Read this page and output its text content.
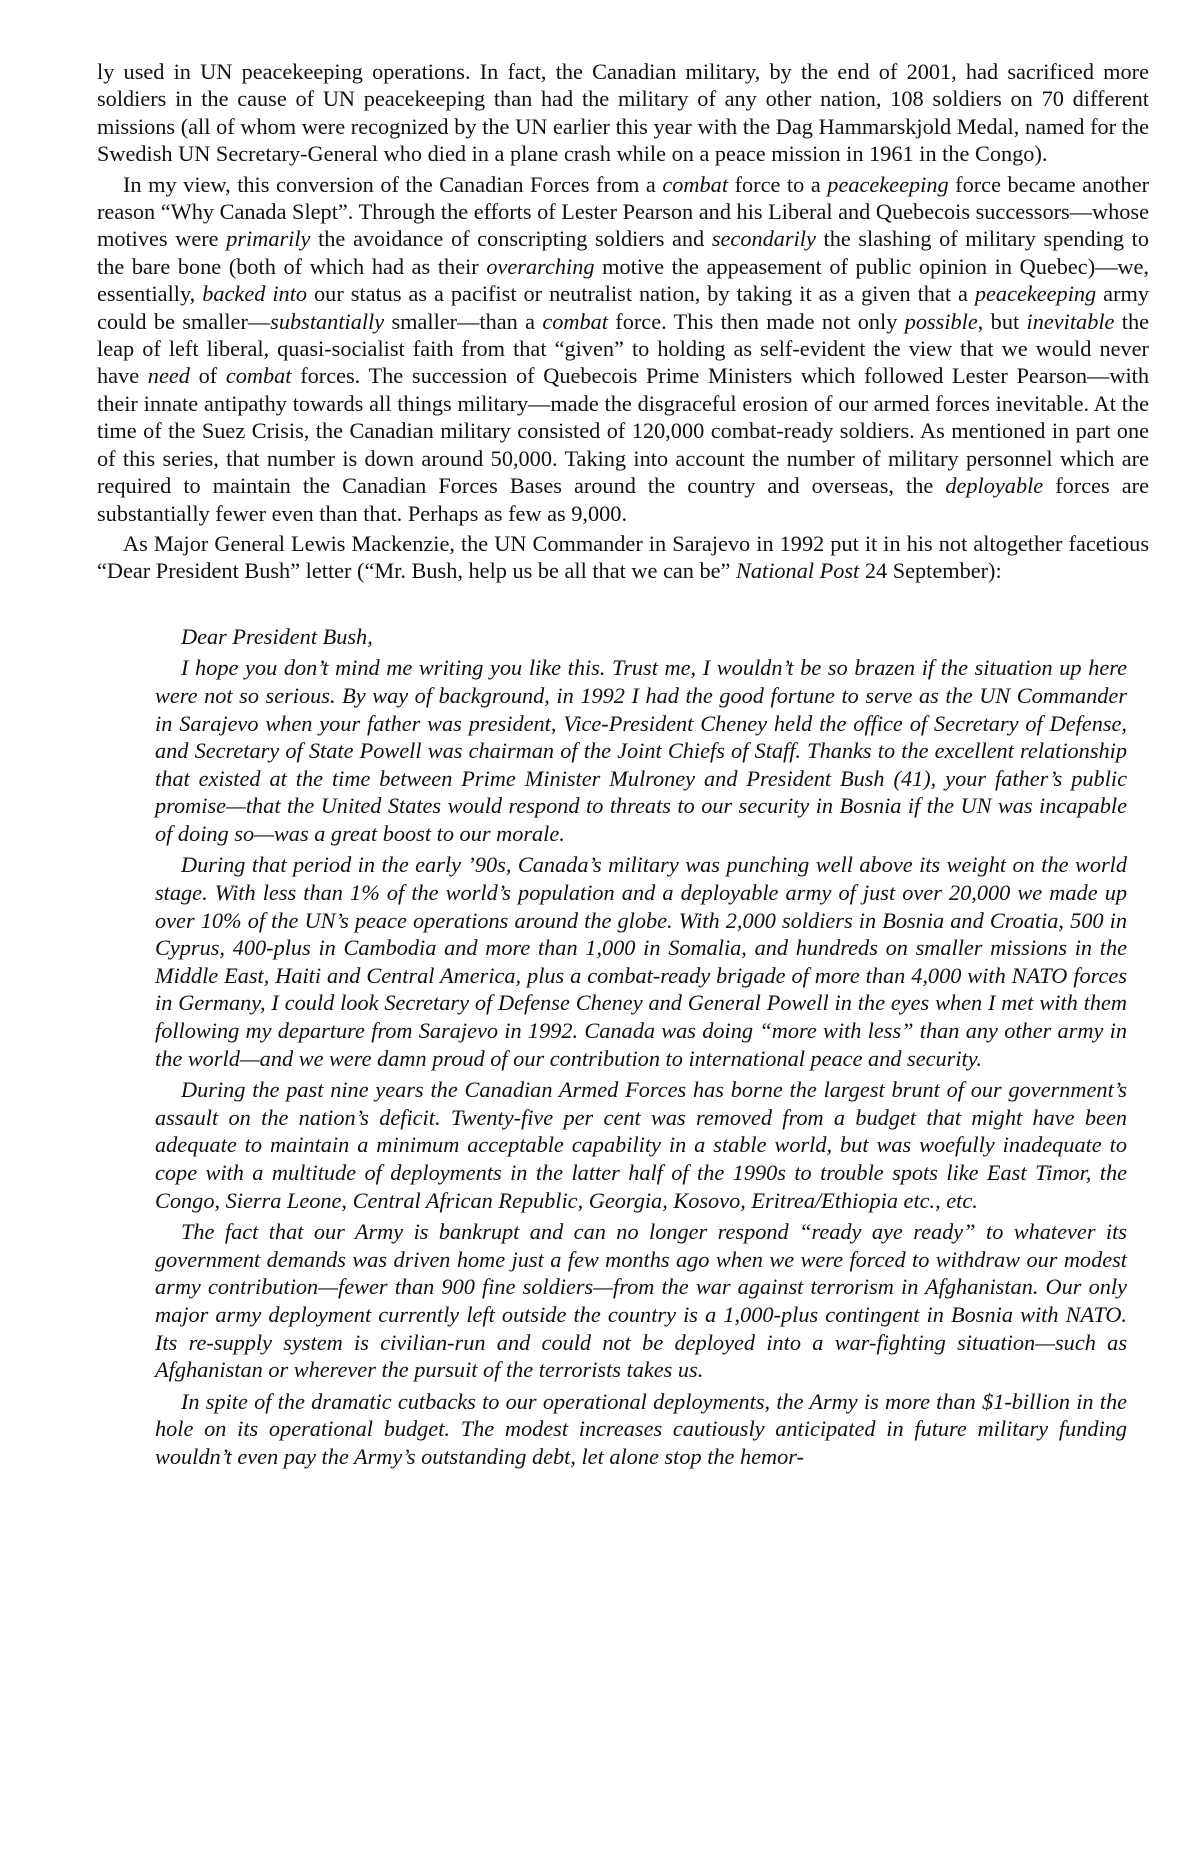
ly used in UN peacekeeping operations. In fact, the Canadian military, by the end of 2001, had sacrificed more soldiers in the cause of UN peacekeeping than had the military of any other nation, 108 soldiers on 70 different missions (all of whom were recognized by the UN earlier this year with the Dag Hammarskjold Medal, named for the Swedish UN Secretary-General who died in a plane crash while on a peace mission in 1961 in the Congo).

In my view, this conversion of the Canadian Forces from a combat force to a peacekeeping force became another reason “Why Canada Slept”. Through the efforts of Lester Pearson and his Liberal and Quebecois successors—whose motives were primarily the avoidance of conscripting soldiers and secondarily the slashing of military spending to the bare bone (both of which had as their overarching motive the appeasement of public opinion in Quebec)—we, essentially, backed into our status as a pacifist or neutralist nation, by taking it as a given that a peacekeeping army could be smaller—substantially smaller—than a combat force. This then made not only possible, but inevitable the leap of left liberal, quasi-socialist faith from that “given” to holding as self-evident the view that we would never have need of combat forces. The succession of Quebecois Prime Ministers which followed Lester Pearson—with their innate antipathy towards all things military—made the disgraceful erosion of our armed forces inevitable. At the time of the Suez Crisis, the Canadian military consisted of 120,000 combat-ready soldiers. As mentioned in part one of this series, that number is down around 50,000. Taking into account the number of military personnel which are required to maintain the Canadian Forces Bases around the country and overseas, the deployable forces are substantially fewer even than that. Perhaps as few as 9,000.

As Major General Lewis Mackenzie, the UN Commander in Sarajevo in 1992 put it in his not altogether facetious “Dear President Bush” letter (“Mr. Bush, help us be all that we can be” National Post 24 September):

Dear President Bush,

I hope you don’t mind me writing you like this. Trust me, I wouldn’t be so brazen if the situation up here were not so serious. By way of background, in 1992 I had the good fortune to serve as the UN Commander in Sarajevo when your father was president, Vice-President Cheney held the office of Secretary of Defense, and Secretary of State Powell was chairman of the Joint Chiefs of Staff. Thanks to the excellent relationship that existed at the time between Prime Minister Mulroney and President Bush (41), your father’s public promise—that the United States would respond to threats to our security in Bosnia if the UN was incapable of doing so—was a great boost to our morale.

During that period in the early ’90s, Canada’s military was punching well above its weight on the world stage. With less than 1% of the world’s population and a deployable army of just over 20,000 we made up over 10% of the UN’s peace operations around the globe. With 2,000 soldiers in Bosnia and Croatia, 500 in Cyprus, 400-plus in Cambodia and more than 1,000 in Somalia, and hundreds on smaller missions in the Middle East, Haiti and Central America, plus a combat-ready brigade of more than 4,000 with NATO forces in Germany, I could look Secretary of Defense Cheney and General Powell in the eyes when I met with them following my departure from Sarajevo in 1992. Canada was doing “more with less” than any other army in the world—and we were damn proud of our contribution to international peace and security.

During the past nine years the Canadian Armed Forces has borne the largest brunt of our government’s assault on the nation’s deficit. Twenty-five per cent was removed from a budget that might have been adequate to maintain a minimum acceptable capability in a stable world, but was woefully inadequate to cope with a multitude of deployments in the latter half of the 1990s to trouble spots like East Timor, the Congo, Sierra Leone, Central African Republic, Georgia, Kosovo, Eritrea/Ethiopia etc., etc.

The fact that our Army is bankrupt and can no longer respond “ready aye ready” to whatever its government demands was driven home just a few months ago when we were forced to withdraw our modest army contribution—fewer than 900 fine soldiers—from the war against terrorism in Afghanistan. Our only major army deployment currently left outside the country is a 1,000-plus contingent in Bosnia with NATO. Its re-supply system is civilian-run and could not be deployed into a war-fighting situation—such as Afghanistan or wherever the pursuit of the terrorists takes us.

In spite of the dramatic cutbacks to our operational deployments, the Army is more than $1-billion in the hole on its operational budget. The modest increases cautiously anticipated in future military funding wouldn’t even pay the Army’s outstanding debt, let alone stop the hemor-
